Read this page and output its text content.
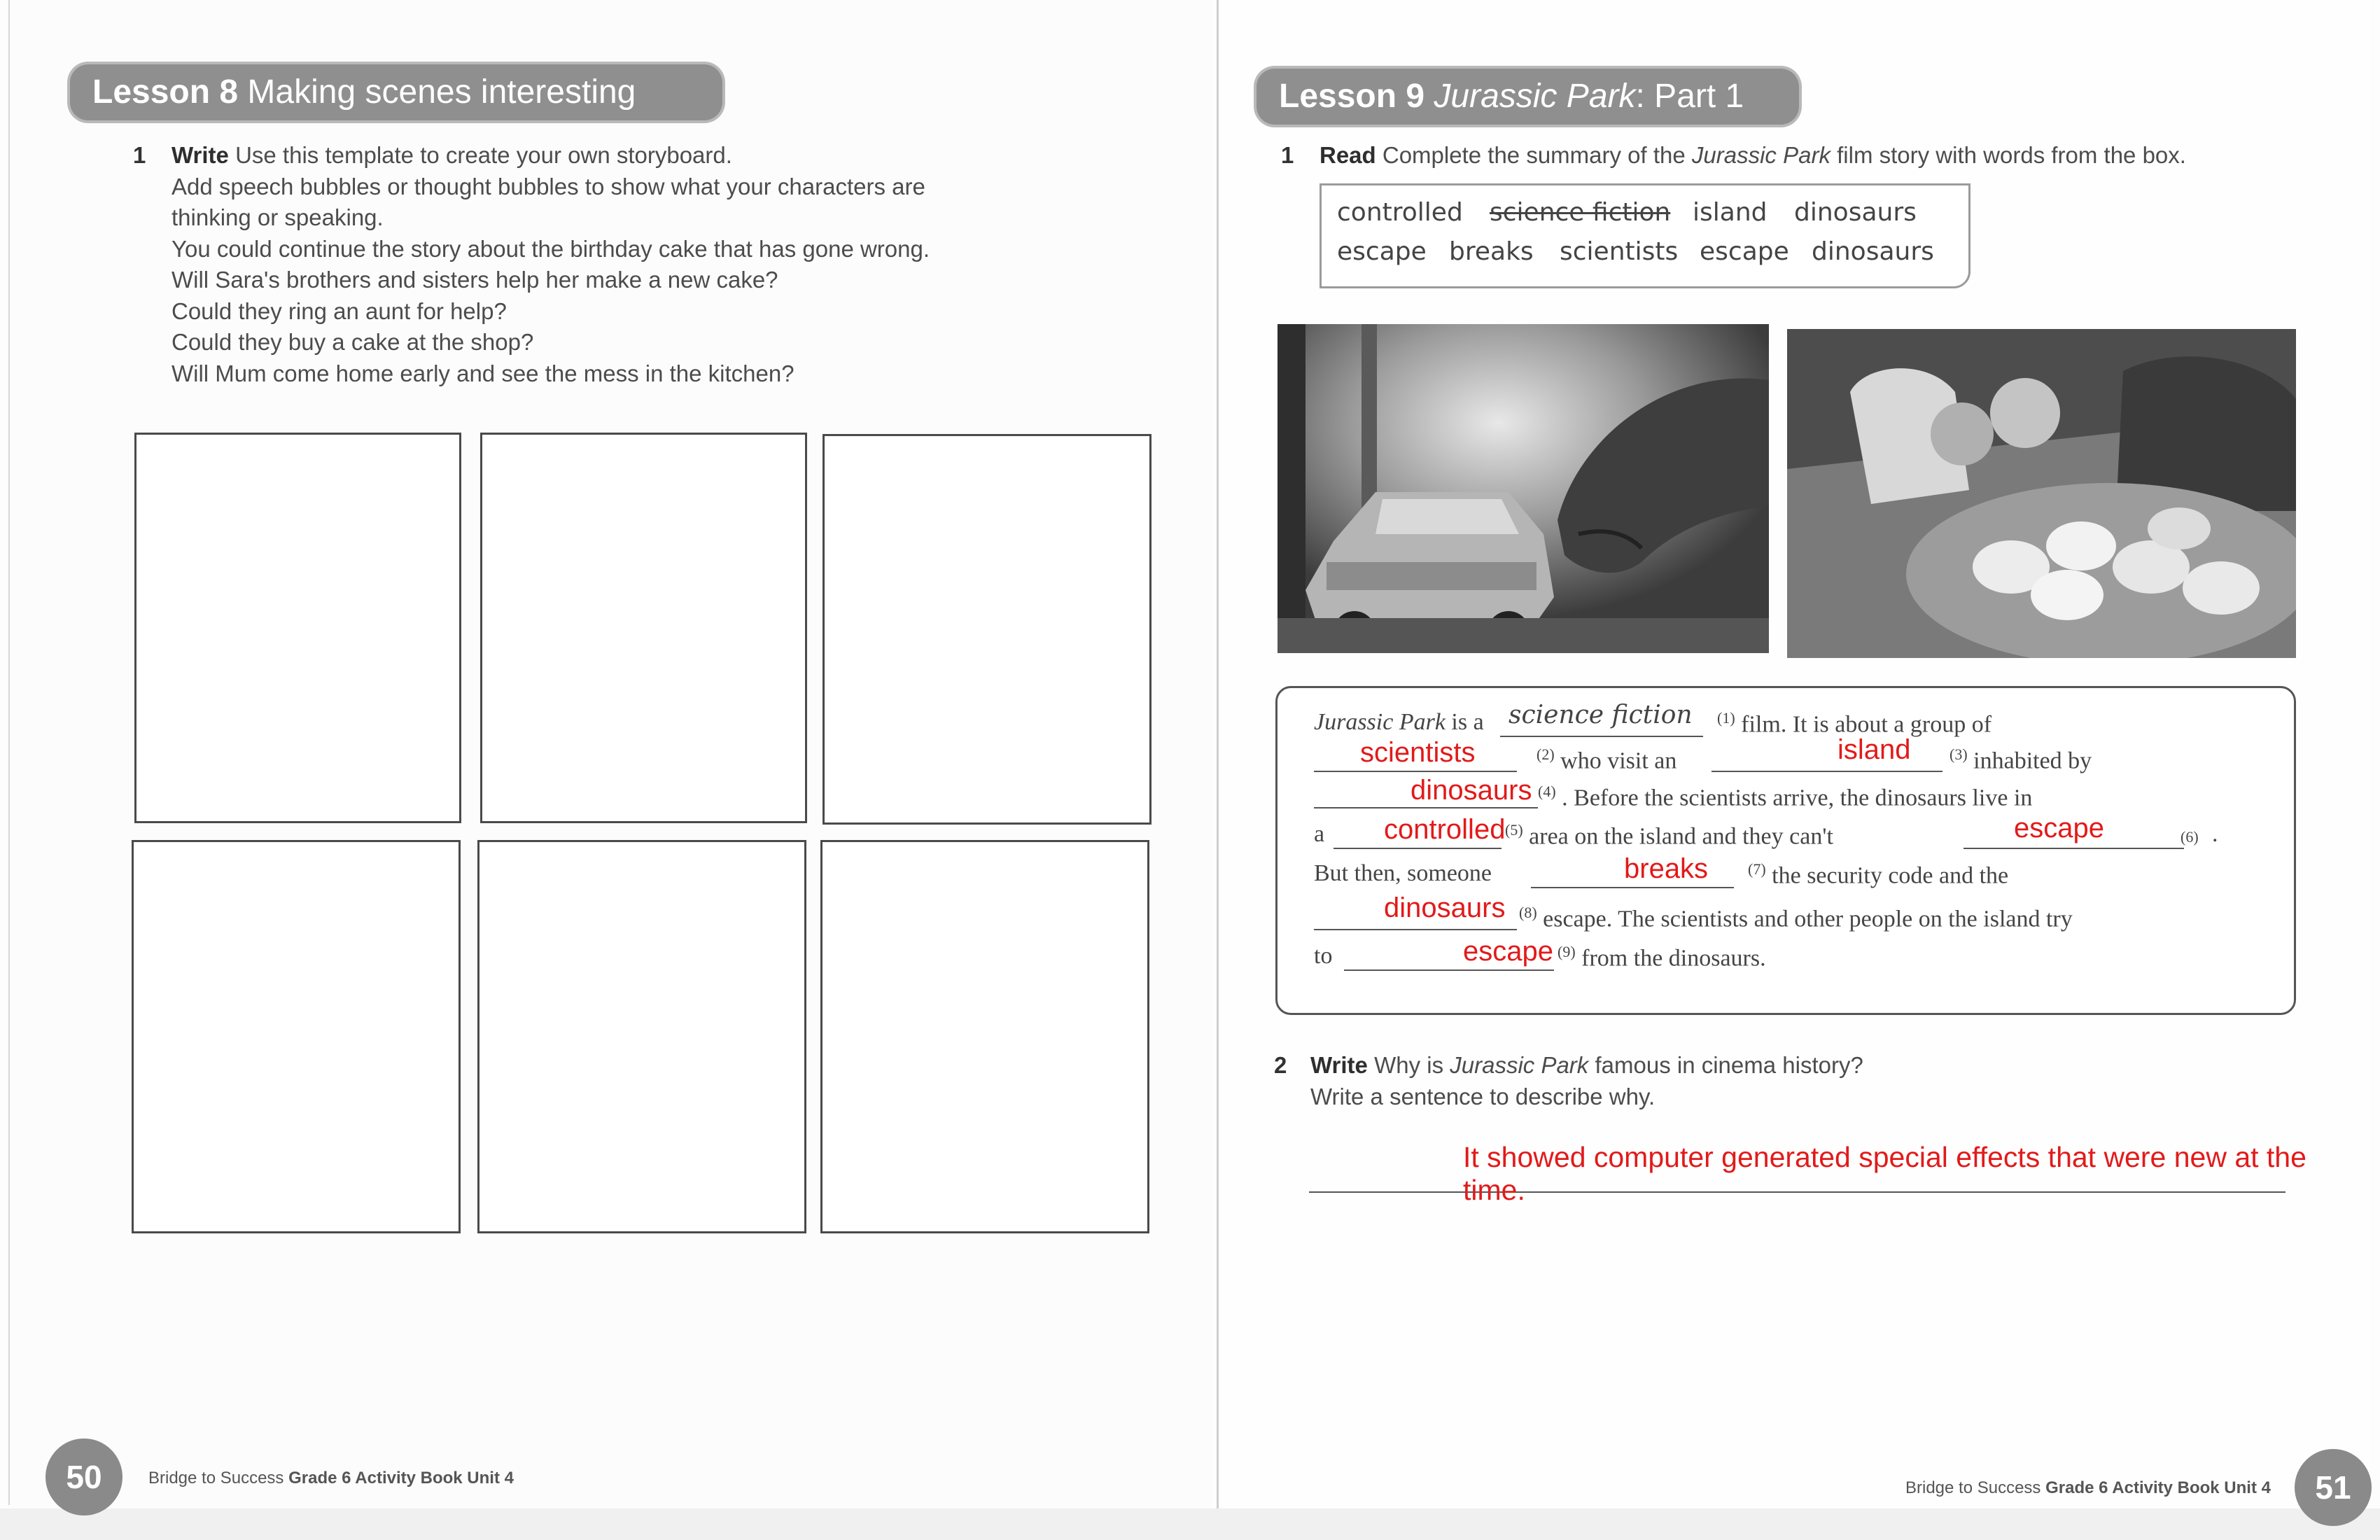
Lesson 8 Making scenes interesting
1 Write Use this template to create your own storyboard.
Add speech bubbles or thought bubbles to show what your characters are
thinking or speaking.
You could continue the story about the birthday cake that has gone wrong.
Will Sara's brothers and sisters help her make a new cake?
Could they ring an aunt for help?
Could they buy a cake at the shop?
Will Mum come home early and see the mess in the kitchen?
50	Bridge to Success Grade 6 Activity Book Unit 4
Lesson 9 Jurassic Park: Part 1
1 Read Complete the summary of the Jurassic Park film story with words from the box.
controlled science fiction island dinosaurs
escape breaks scientists escape dinosaurs
Jurassic Park is a science fiction $^{(1)}$ film. It is about a group of
scientists	$^{(2)}$ who visit an	island	$^{(3)}$ inhabited by
dinosaurs $^{(4)}$ . Before the scientists arrive, the dinosaurs live in
a controlled $^{(5)}$ area on the island and they can't	escape	(6) .
But then, someone	breaks	$^{(7)}$ the security code and the
dinosaurs $^{(8)}$ escape. The scientists and other people on the island try
to	escape $^{(9)}$ from the dinosaurs.
2 Write Why is Jurassic Park famous in cinema history?
Write a sentence to describe why.
It showed computer generated special effects that were new at the
time.
Bridge to Success Grade 6 Activity Book Unit 4	51
